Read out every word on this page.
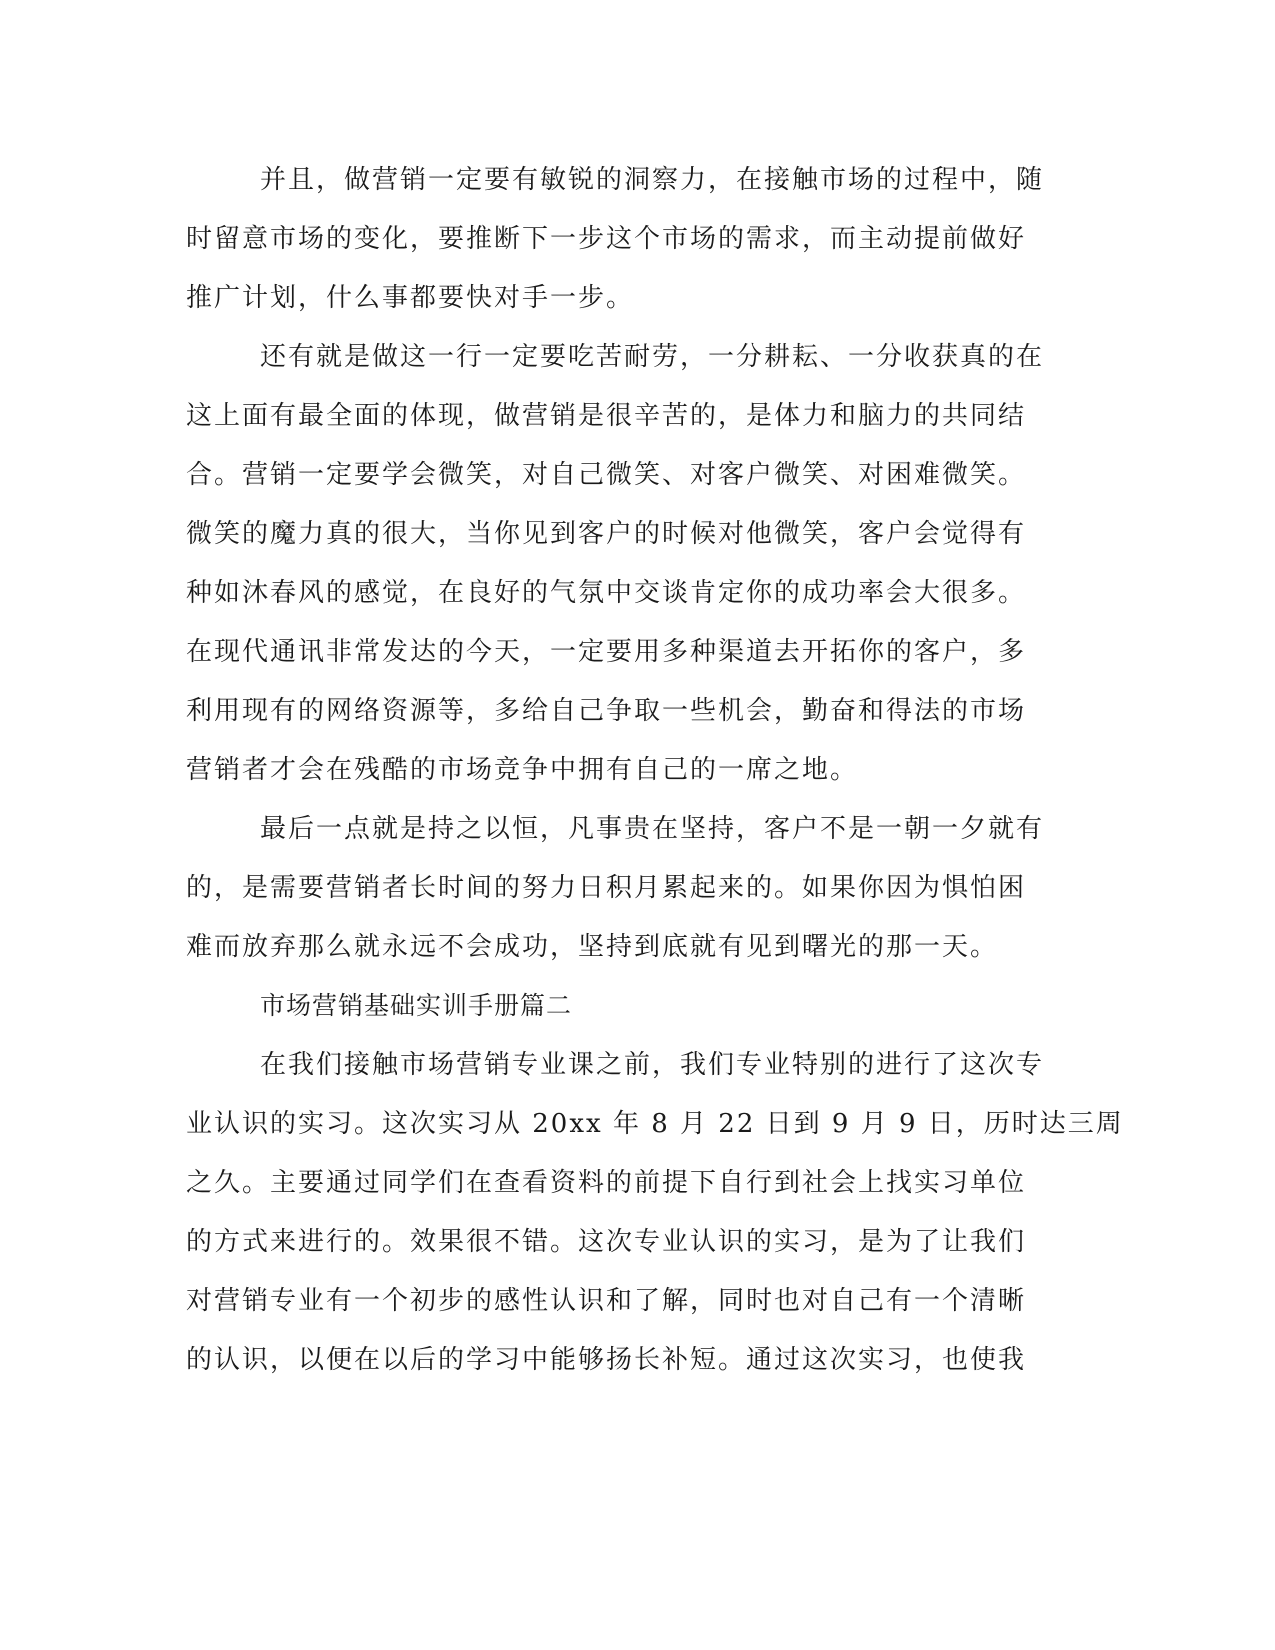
并且，做营销一定要有敏锐的洞察力，在接触市场的过程中，随
时留意市场的变化，要推断下一步这个市场的需求，而主动提前做好
推广计划，什么事都要快对手一步。
还有就是做这一行一定要吃苦耐劳，一分耕耘、一分收获真的在
这上面有最全面的体现，做营销是很辛苦的，是体力和脑力的共同结
合。营销一定要学会微笑，对自己微笑、对客户微笑、对困难微笑。
微笑的魔力真的很大，当你见到客户的时候对他微笑，客户会觉得有
种如沐春风的感觉，在良好的气氛中交谈肯定你的成功率会大很多。
在现代通讯非常发达的今天，一定要用多种渠道去开拓你的客户，多
利用现有的网络资源等，多给自己争取一些机会，勤奋和得法的市场
营销者才会在残酷的市场竞争中拥有自己的一席之地。
最后一点就是持之以恒，凡事贵在坚持，客户不是一朝一夕就有
的，是需要营销者长时间的努力日积月累起来的。如果你因为惧怕困
难而放弃那么就永远不会成功，坚持到底就有见到曙光的那一天。
市场营销基础实训手册篇二
在我们接触市场营销专业课之前，我们专业特别的进行了这次专
业认识的实习。这次实习从 20xx 年 8 月 22 日到 9 月 9 日，历时达三周
之久。主要通过同学们在查看资料的前提下自行到社会上找实习单位
的方式来进行的。效果很不错。这次专业认识的实习，是为了让我们
对营销专业有一个初步的感性认识和了解，同时也对自己有一个清晰
的认识，以便在以后的学习中能够扬长补短。通过这次实习，也使我
